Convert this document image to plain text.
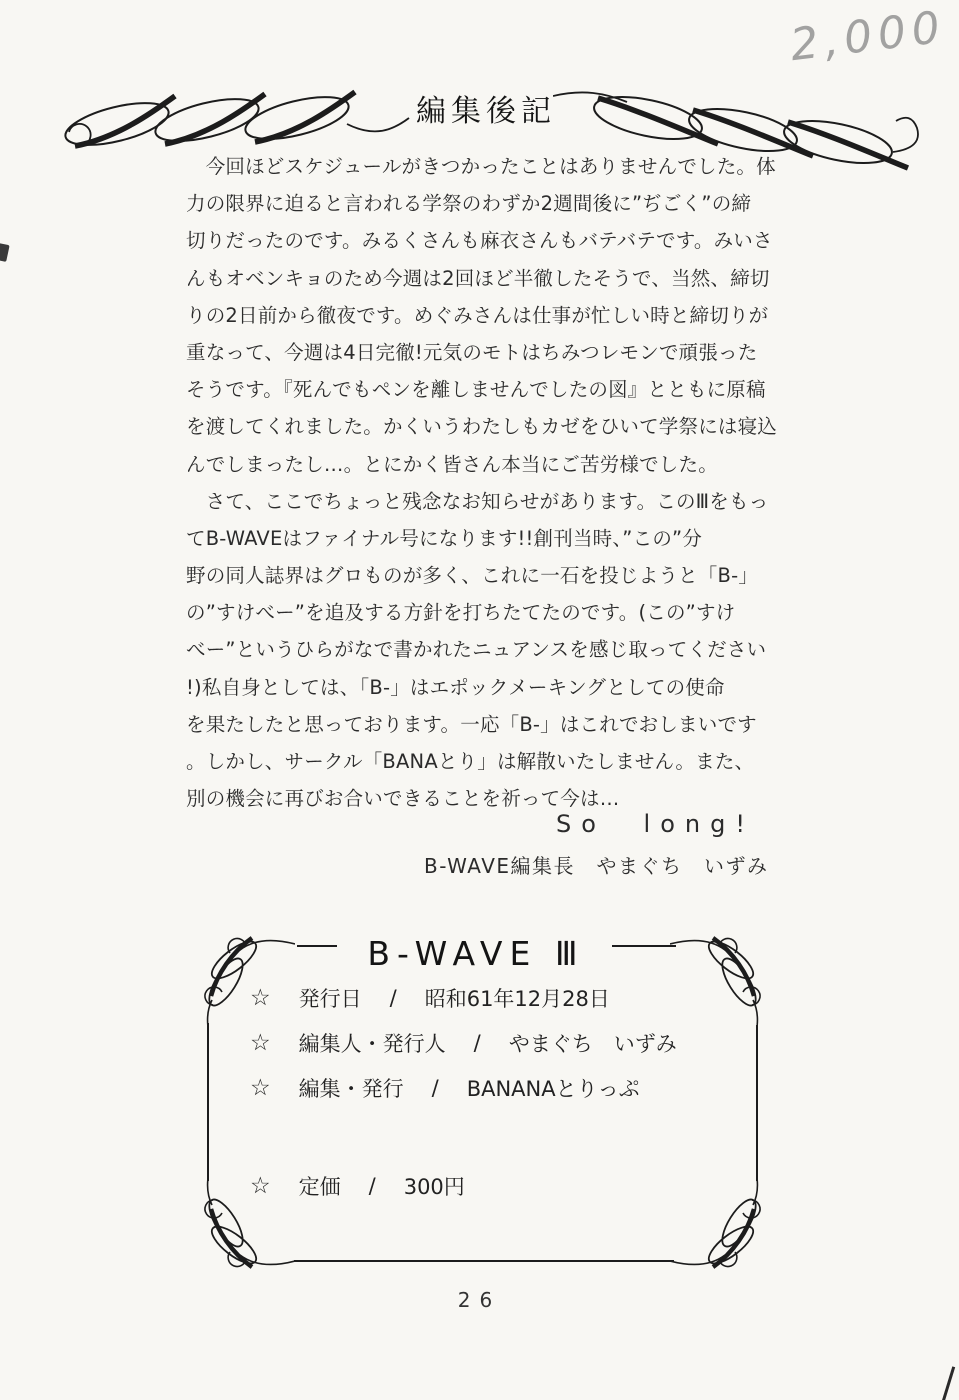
2,000
編集後記
　今回ほどスケジュールがきつかったことはありませんでした。体
力の限界に迫ると言われる学祭のわずか2週間後に”ぢごく”の締
切りだったのです。みるくさんも麻衣さんもバテバテです。みいさ
んもオベンキョのため今週は2回ほど半徹したそうで、当然、締切
りの2日前から徹夜です。めぐみさんは仕事が忙しい時と締切りが
重なって、今週は4日完徹!元気のモトはちみつレモンで頑張った
そうです。『死んでもペンを離しませんでしたの図』とともに原稿
を渡してくれました。かくいうわたしもカゼをひいて学祭には寝込
んでしまったし…。とにかく皆さん本当にご苦労様でした。
　さて、ここでちょっと残念なお知らせがあります。このⅢをもっ
てB-WAVEはファイナル号になります!!創刊当時、”この”分
野の同人誌界はグロものが多く、これに一石を投じようと「B-」
の”すけべー”を追及する方針を打ちたてたのです。(この”すけ
べー”というひらがなで書かれたニュアンスを感じ取ってください
!)私自身としては、「B-」はエポックメーキングとしての使命
を果たしたと思っております。一応「B-」はこれでおしまいです
。しかし、サークル「BANAとり」は解散いたしません。また、
別の機会に再びお合いできることを祈って今は…
So long!
B-WAVE編集長　やまぐち　いずみ
B-WAVE Ⅲ
☆ 発行日 / 昭和61年12月28日
☆ 編集人・発行人 / やまぐち　いずみ
☆ 編集・発行 / BANANAとりっぷ
☆ 定価 / 300円
26
